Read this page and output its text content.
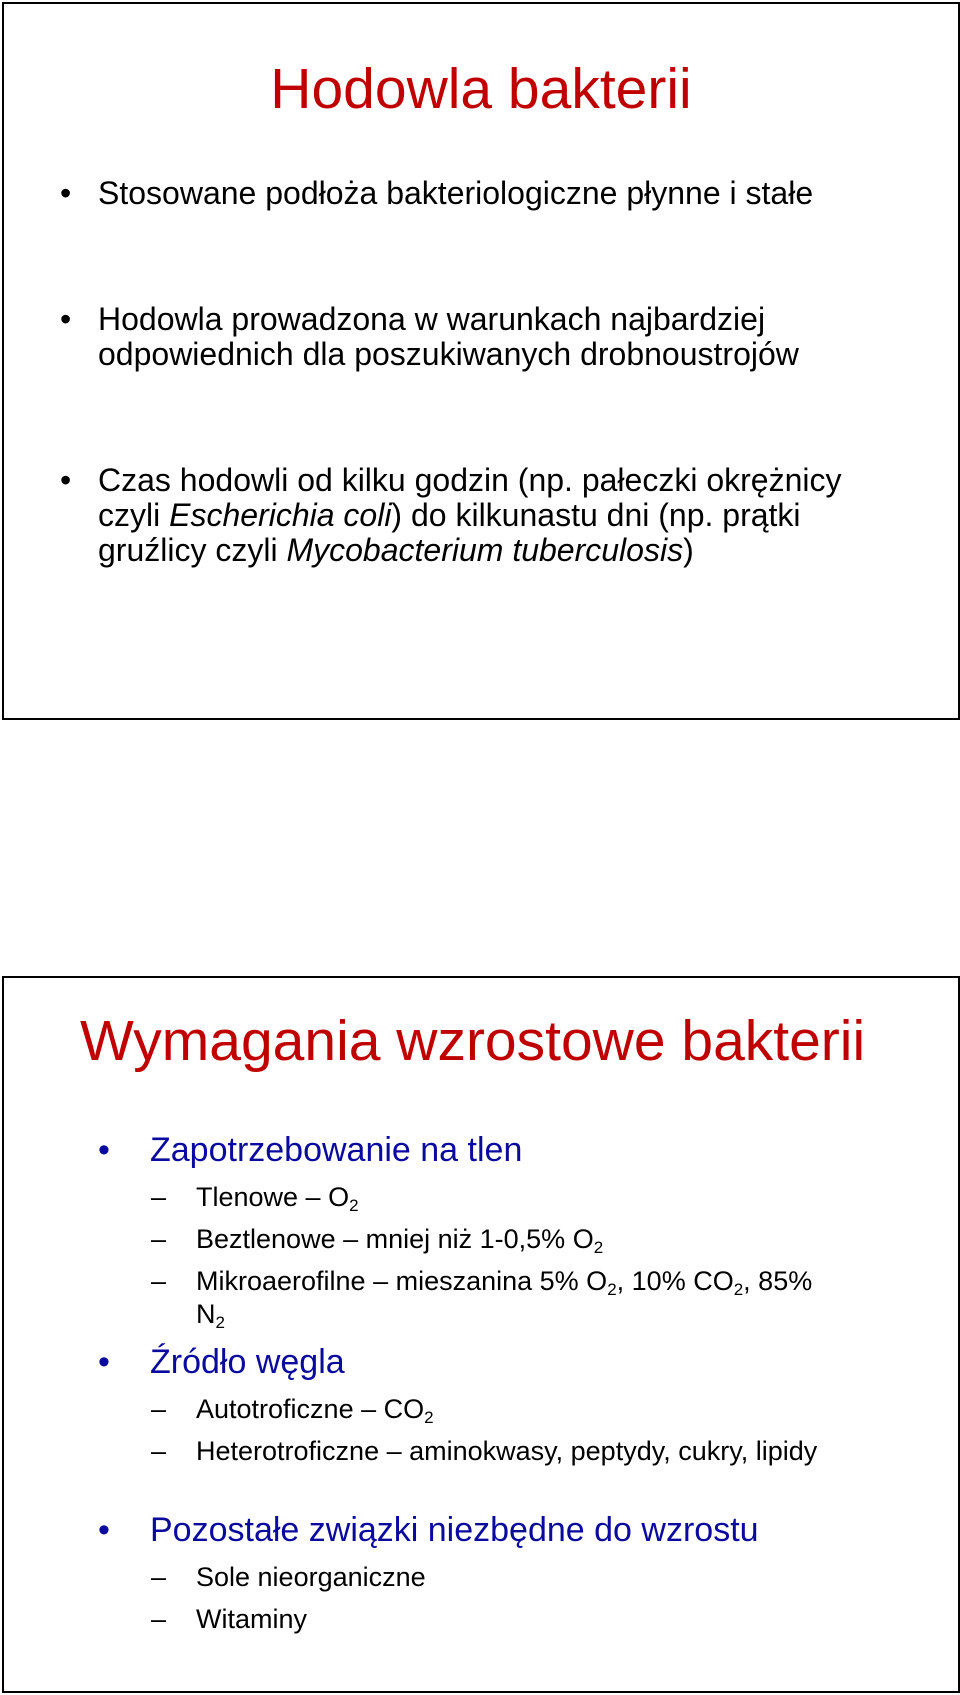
Hodowla bakterii
• Stosowane podłoża bakteriologiczne płynne i stałe
• Hodowla prowadzona w warunkach najbardziej odpowiednich dla poszukiwanych drobnoustrojów
• Czas hodowli od kilku godzin (np. pałeczki okrężnicy czyli Escherichia coli) do kilkunastu dni (np. prątki gruźlicy czyli Mycobacterium tuberculosis)
Wymagania wzrostowe bakterii
• Zapotrzebowanie na tlen
– Tlenowe – $O_2$
– Beztlenowe – mniej niż 1-0,5% $O_2$
– Mikroaerofilne – mieszanina 5% $O_2$, 10% $CO_2$, 85% $N_2$
• Źródło węgla
– Autotroficzne – $CO_2$
– Heterotroficzne – aminokwasy, peptydy, cukry, lipidy
• Pozostałe związki niezbędne do wzrostu
– Sole nieorganiczne
– Witaminy
